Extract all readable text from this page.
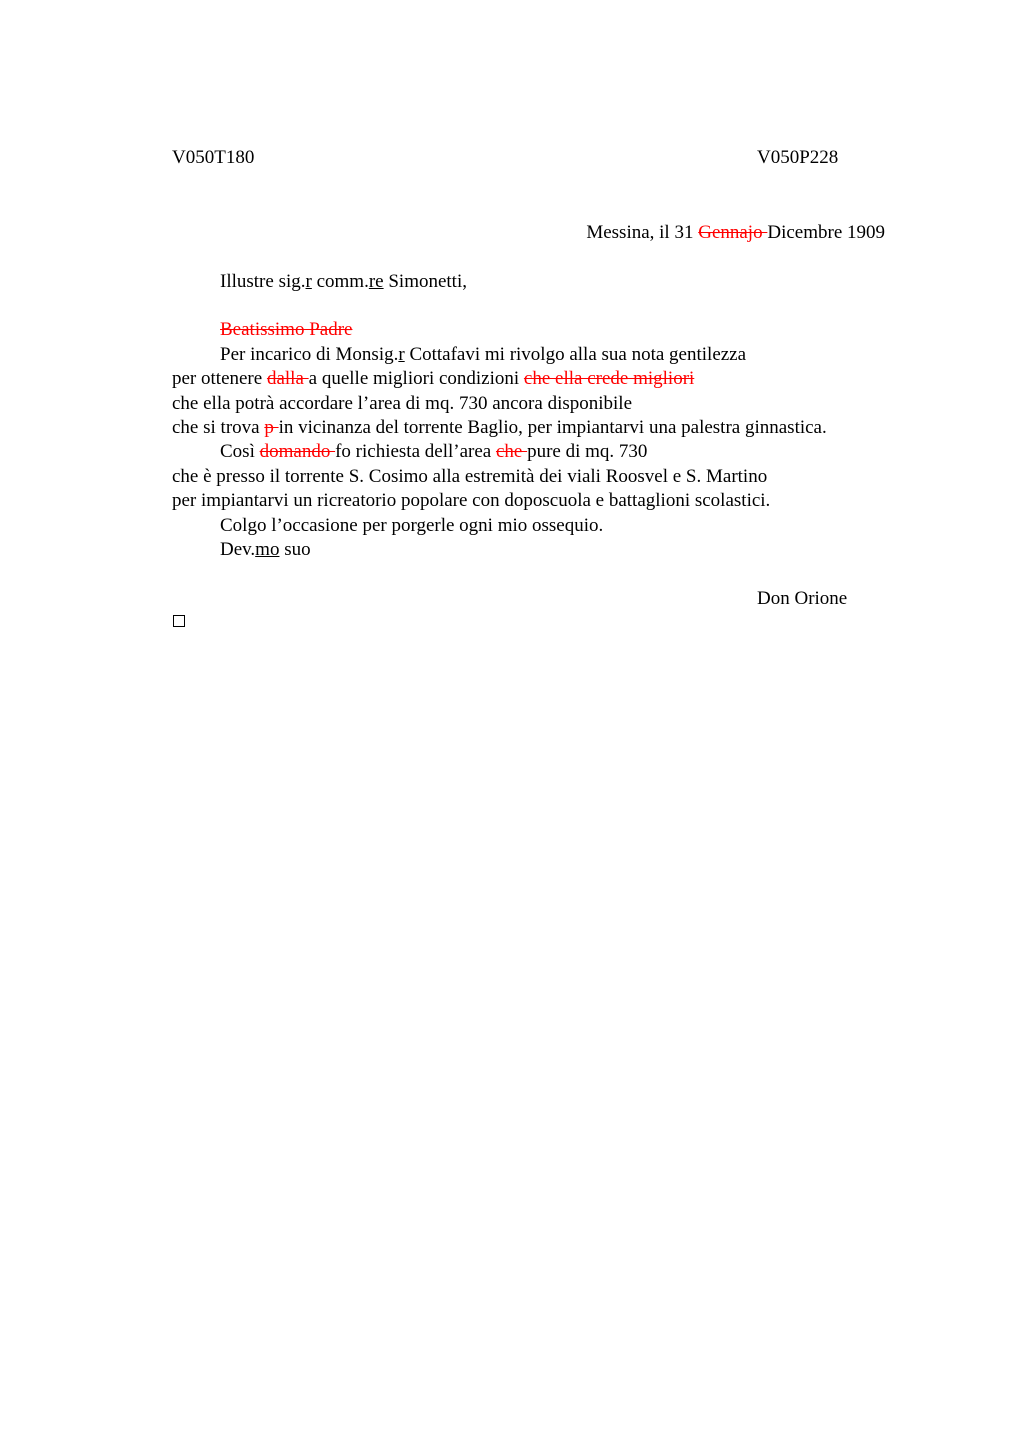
V050T180	V050P228
Messina, il 31 Gennajo Dicembre 1909
Illustre sig.r comm.re Simonetti,
Beatissimo Padre
Per incarico di Monsig.r Cottafavi mi rivolgo alla sua nota gentilezza
per ottenere dalla a quelle migliori condizioni che ella crede migliori
che ella potrà accordare l’area di mq. 730 ancora disponibile
che si trova p in vicinanza del torrente Baglio, per impiantarvi una palestra ginnastica.
Così domando fo richiesta dell’area che pure di mq. 730
che è presso il torrente S. Cosimo alla estremità dei viali Roosvel e S. Martino
per impiantarvi un ricreatorio popolare con doposcuola e battaglioni scolastici.
Colgo l’occasione per porgerle ogni mio ossequio.
Dev.mo suo
Don Orione
